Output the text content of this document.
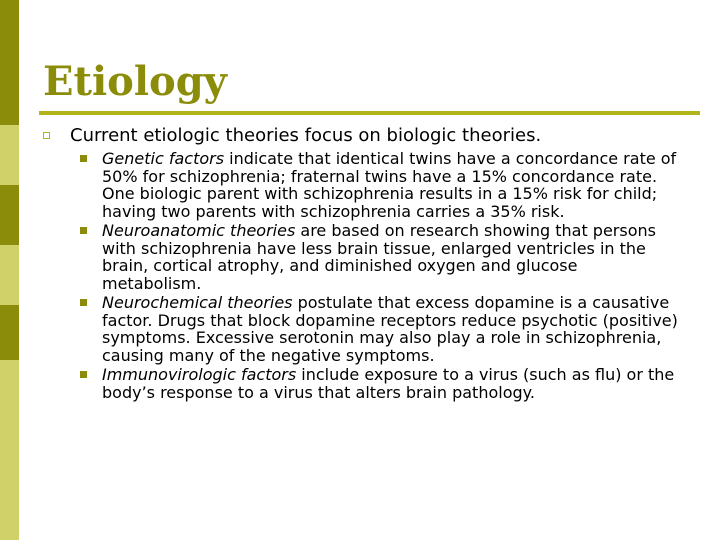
Etiology
Current etiologic theories focus on biologic theories.
Genetic factors indicate that identical twins have a concordance rate of 50% for schizophrenia; fraternal twins have a 15% concordance rate. One biologic parent with schizophrenia results in a 15% risk for child; having two parents with schizophrenia carries a 35% risk.
Neuroanatomic theories are based on research showing that persons with schizophrenia have less brain tissue, enlarged ventricles in the brain, cortical atrophy, and diminished oxygen and glucose metabolism.
Neurochemical theories postulate that excess dopamine is a causative factor. Drugs that block dopamine receptors reduce psychotic (positive) symptoms. Excessive serotonin may also play a role in schizophrenia, causing many of the negative symptoms.
Immunovirologic factors include exposure to a virus (such as flu) or the body’s response to a virus that alters brain pathology.
